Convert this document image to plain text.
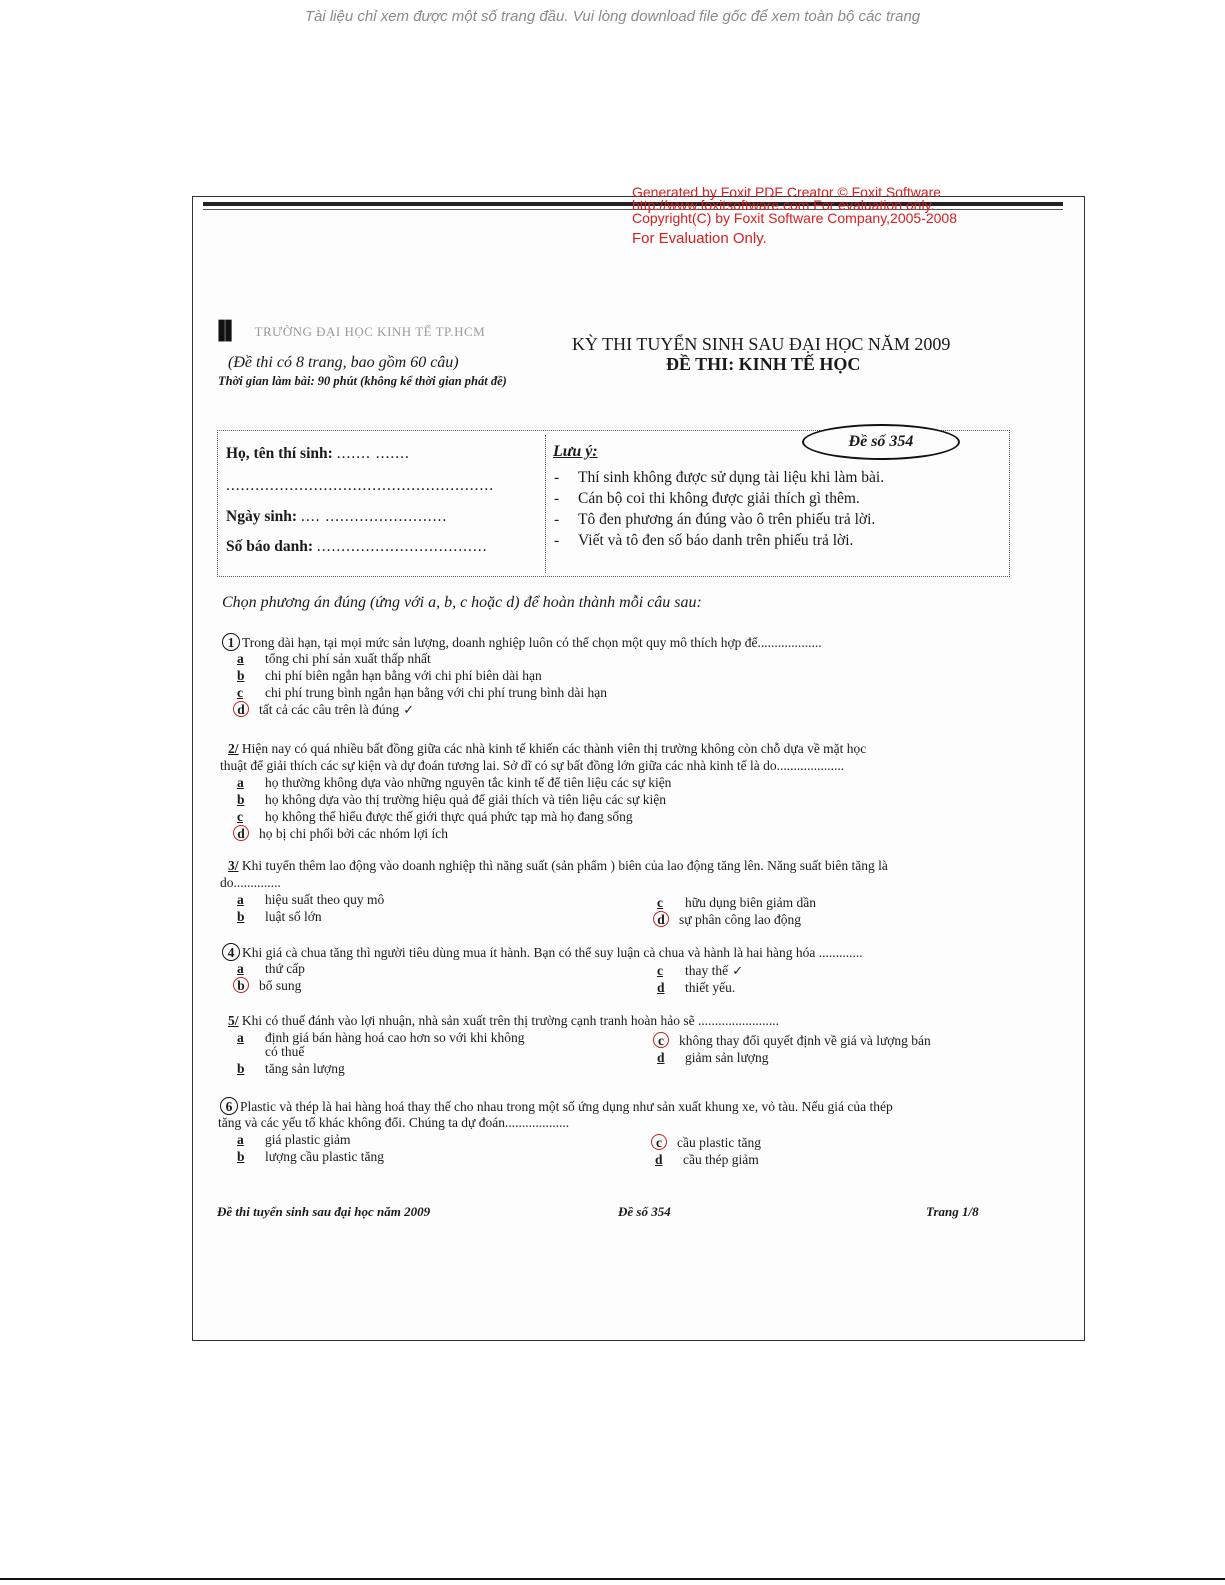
Tài liệu chỉ xem được một số trang đầu. Vui lòng download file gốc để xem toàn bộ các trang
Generated by Foxit PDF Creator © Foxit Software
http://www.foxitsoftware.com For evaluation only.
Copyright(C) by Foxit Software Company,2005-2008
For Evaluation Only.
▐▌ TRƯỜNG ĐẠI HỌC KINH TẾ TP.HCM
(Đề thi có 8 trang, bao gồm 60 câu)
Thời gian làm bài: 90 phút (không kể thời gian phát đề)
KỲ THI TUYỂN SINH SAU ĐẠI HỌC NĂM 2009
ĐỀ THI: KINH TẾ HỌC
Họ, tên thí sinh: ....... .......
.......................................................
Ngày sinh: .... .........................
Số báo danh: ...................................
Lưu ý:
- Thí sinh không được sử dụng tài liệu khi làm bài.
- Cán bộ coi thi không được giải thích gì thêm.
- Tô đen phương án đúng vào ô trên phiếu trả lời.
- Viết và tô đen số báo danh trên phiếu trả lời.
Đề số 354
Chọn phương án đúng (ứng với a, b, c hoặc d) để hoàn thành mỗi câu sau:
1 Trong dài hạn, tại mọi mức sản lượng, doanh nghiệp luôn có thể chọn một quy mô thích hợp để...................
a tổng chi phí sản xuất thấp nhất
b chi phí biên ngắn hạn bằng với chi phí biên dài hạn
c chi phí trung bình ngắn hạn bằng với chi phí trung bình dài hạn
d tất cả các câu trên là đúng ✓
2/ Hiện nay có quá nhiều bất đồng giữa các nhà kinh tế khiến các thành viên thị trường không còn chỗ dựa về mặt học
thuật để giải thích các sự kiện và dự đoán tương lai. Sở dĩ có sự bất đồng lớn giữa các nhà kinh tế là do....................
a họ thường không dựa vào những nguyên tắc kinh tế để tiên liệu các sự kiện
b họ không dựa vào thị trường hiệu quả để giải thích và tiên liệu các sự kiện
c họ không thể hiểu được thế giới thực quá phức tạp mà họ đang sống
d họ bị chi phối bởi các nhóm lợi ích
3/ Khi tuyển thêm lao động vào doanh nghiệp thì năng suất (sản phẩm ) biên của lao động tăng lên. Năng suất biên tăng là
do..............
a hiệu suất theo quy mô
b luật số lớn
c hữu dụng biên giảm dần
d sự phân công lao động
4 Khi giá cà chua tăng thì người tiêu dùng mua ít hành. Bạn có thể suy luận cà chua và hành là hai hàng hóa .............
a thứ cấp
b bổ sung
c thay thế ✓
d thiết yếu.
5/ Khi có thuế đánh vào lợi nhuận, nhà sản xuất trên thị trường cạnh tranh hoàn hảo sẽ ........................
a định giá bán hàng hoá cao hơn so với khi không
có thuế
b tăng sản lượng
c không thay đổi quyết định về giá và lượng bán
d giảm sản lượng
6 Plastic và thép là hai hàng hoá thay thế cho nhau trong một số ứng dụng như sản xuất khung xe, vỏ tàu. Nếu giá của thép
tăng và các yếu tố khác không đổi. Chúng ta dự đoán...................
a giá plastic giảm
b lượng cầu plastic tăng
c cầu plastic tăng
d cầu thép giảm
Đề thi tuyển sinh sau đại học năm 2009	Đề số 354	Trang 1/8
